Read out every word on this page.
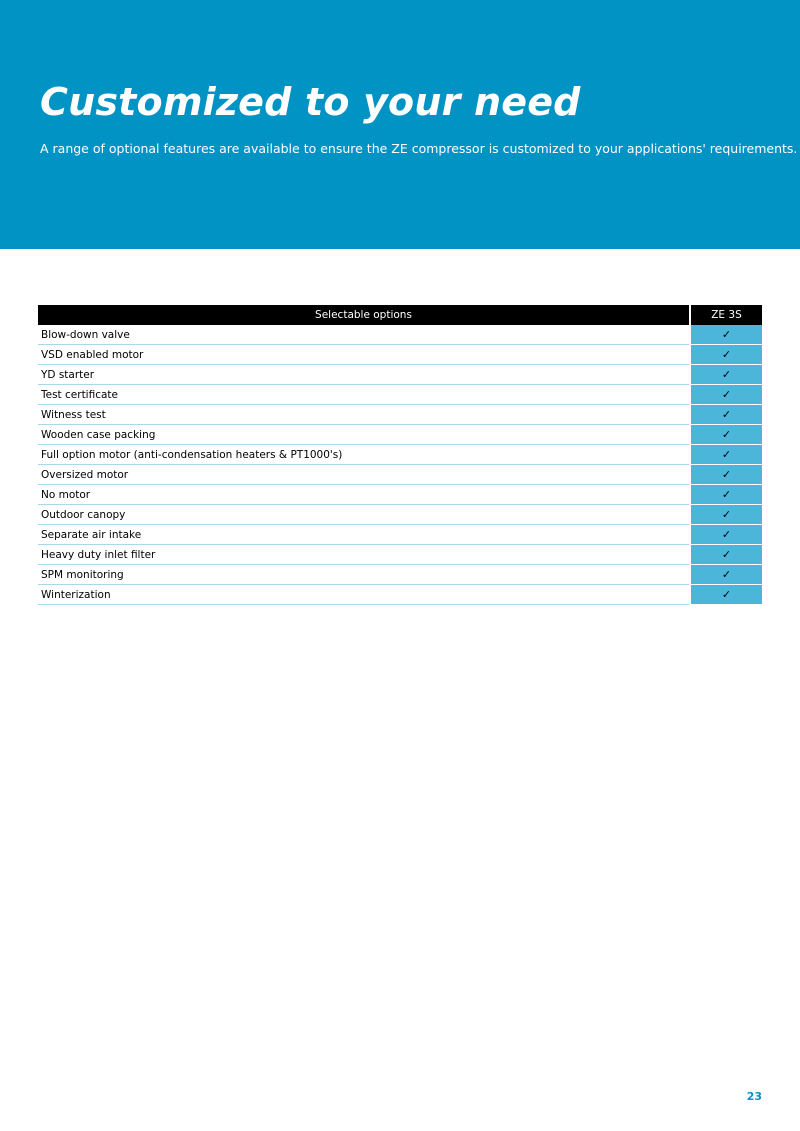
Customized to your need

A range of optional features are available to ensure the ZE compressor is customized to your applications' requirements.

Selectable options	ZE 3S
Blow-down valve	✓
VSD enabled motor	✓
YD starter	✓
Test certificate	✓
Witness test	✓
Wooden case packing	✓
Full option motor (anti-condensation heaters & PT1000's)	✓
Oversized motor	✓
No motor	✓
Outdoor canopy	✓
Separate air intake	✓
Heavy duty inlet filter	✓
SPM monitoring	✓
Winterization	✓
23
